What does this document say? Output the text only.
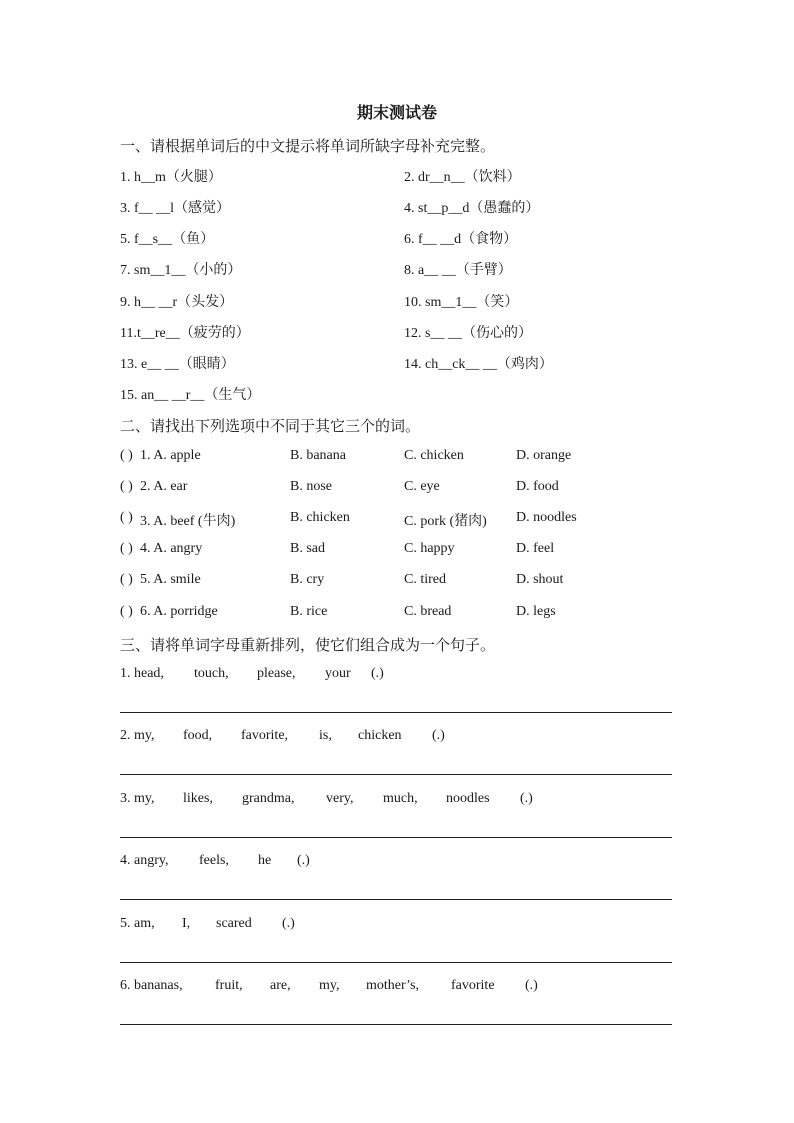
期末测试卷
一、请根据单词后的中文提示将单词所缺字母补充完整。
1. h__m（火腿）	2. dr__n__（饮料）
3. f__ __l（感觉）	4. st__p__d（愚蠢的）
5. f__s__（鱼）	6. f__ __d（食物）
7. sm__1__（小的）	8. a__ __（手臂）
9. h__ __r（头发）	10. sm__1__（笑）
11.t__re__（疲劳的）	12. s__ __（伤心的）
13. e__ __（眼睛）	14. ch__ck__ __（鸡肉）
15. an__ __r__（生气）
二、请找出下列选项中不同于其它三个的词。
( ) 1. A. apple	B. banana	C. chicken	D. orange
( ) 2. A. ear	B. nose	C. eye	D. food
( ) 3. A. beef (牛肉)	B. chicken	C. pork (猪肉) D. noodles
( ) 4. A. angry	B. sad	C. happy	D. feel
( ) 5. A. smile	B. cry	C. tired	D. shout
( ) 6. A. porridge	B. rice	C. bread	D. legs
三、请将单词字母重新排列，使它们组合成为一个句子。
1. head, touch, please, your (.)
2. my, food, favorite, is, chicken (.)
3. my, likes, grandma, very, much, noodles (.)
4. angry, feels, he (.)
5. am, I, scared (.)
6. bananas, fruit, are, my, mother’s, favorite (.)
